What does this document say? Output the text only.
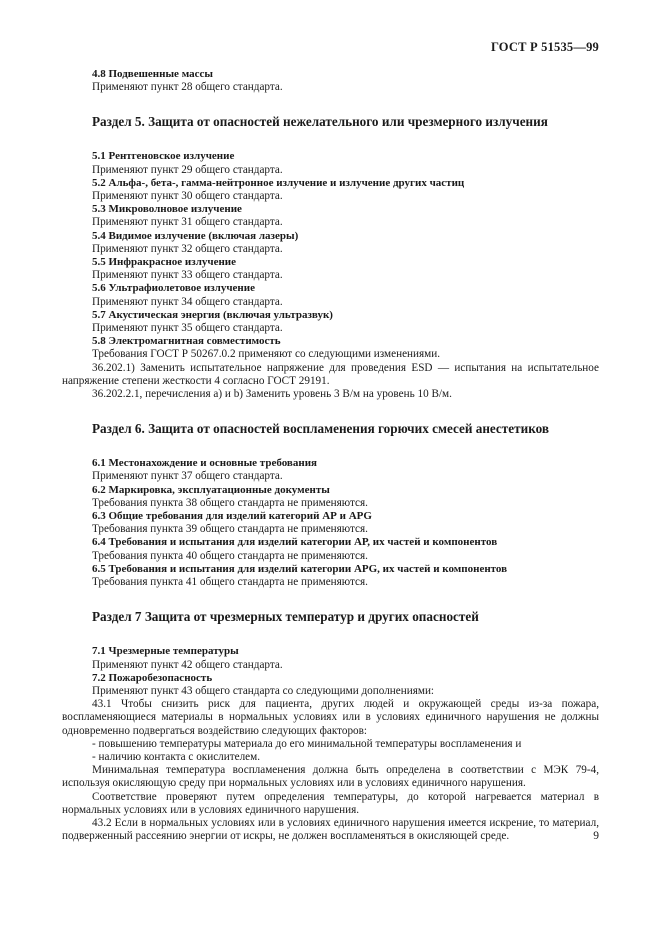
ГОСТ Р 51535—99

4.8 Подвешенные массы

Применяют пункт 28 общего стандарта.

Раздел 5. Защита от опасностей нежелательного или чрезмерного излучения

5.1 Рентгеновское излучение

Применяют пункт 29 общего стандарта.

5.2 Альфа-, бета-, гамма-нейтронное излучение и излучение других частиц

Применяют пункт 30 общего стандарта.

5.3 Микроволновое излучение

Применяют пункт 31 общего стандарта.

5.4 Видимое излучение (включая лазеры)

Применяют пункт 32 общего стандарта.

5.5 Инфракрасное излучение

Применяют пункт 33 общего стандарта.

5.6 Ультрафиолетовое излучение

Применяют пункт 34 общего стандарта.

5.7 Акустическая энергия (включая ультразвук)

Применяют пункт 35 общего стандарта.

5.8 Электромагнитная совместимость

Требования ГОСТ Р 50267.0.2 применяют со следующими изменениями.

36.202.1) Заменить испытательное напряжение для проведения ESD — испытания на испытательное напряжение степени жесткости 4 согласно ГОСТ 29191.

36.202.2.1, перечисления a) и b) Заменить уровень 3 В/м на уровень 10 В/м.

Раздел 6. Защита от опасностей воспламенения горючих смесей анестетиков

6.1 Местонахождение и основные требования

Применяют пункт 37 общего стандарта.

6.2 Маркировка, эксплуатационные документы

Требования пункта 38 общего стандарта не применяются.

6.3 Общие требования для изделий категорий АР и APG

Требования пункта 39 общего стандарта не применяются.

6.4 Требования и испытания для изделий категории АР, их частей и компонентов

Требования пункта 40 общего стандарта не применяются.

6.5 Требования и испытания для изделий категории APG, их частей и компонентов

Требования пункта 41 общего стандарта не применяются.

Раздел 7 Защита от чрезмерных температур и других опасностей

7.1 Чрезмерные температуры

Применяют пункт 42 общего стандарта.

7.2 Пожаробезопасность

Применяют пункт 43 общего стандарта со следующими дополнениями:

43.1 Чтобы снизить риск для пациента, других людей и окружающей среды из-за пожара, воспламеняющиеся материалы в нормальных условиях или в условиях единичного нарушения не должны одновременно подвергаться воздействию следующих факторов:

- повышению температуры материала до его минимальной температуры воспламенения и

- наличию контакта с окислителем.

Минимальная температура воспламенения должна быть определена в соответствии с МЭК 79-4, используя окисляющую среду при нормальных условиях или в условиях единичного нарушения.

Соответствие проверяют путем определения температуры, до которой нагревается материал в нормальных условиях или в условиях единичного нарушения.

43.2 Если в нормальных условиях или в условиях единичного нарушения имеется искрение, то материал, подверженный рассеянию энергии от искры, не должен воспламеняться в окисляющей среде.	9
